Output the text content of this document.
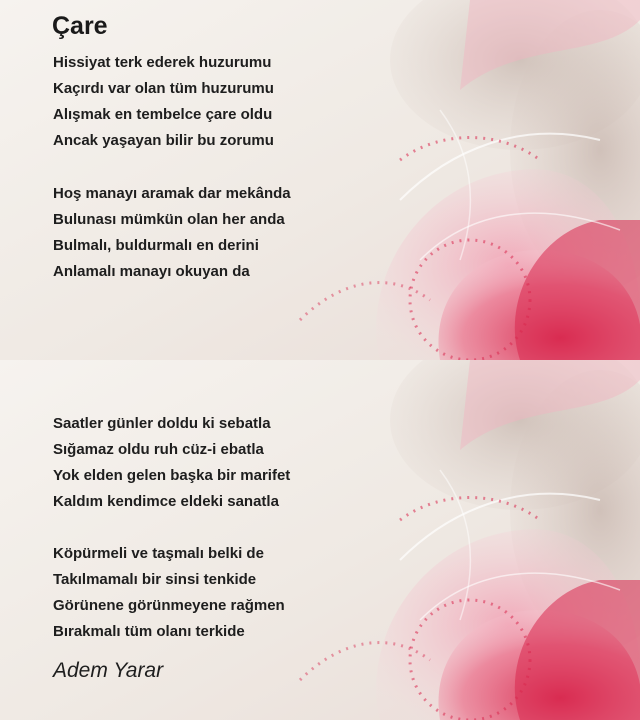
Çare
Hissiyat terk ederek huzurumu
Kaçırdı var olan tüm huzurumu
Alışmak en tembelce çare oldu
Ancak yaşayan bilir bu zorumu
Hoş manayı aramak dar mekânda
Bulunası mümkün olan her anda
Bulmalı, buldurmalı en derini
Anlamalı manayı okuyan da
Saatler günler doldu ki sebatla
Sığamaz oldu ruh cüz-i ebatla
Yok elden gelen başka bir marifet
Kaldım kendimce eldeki sanatla
Köpürmeli ve taşmalı belki de
Takılmamalı bir sinsi tenkide
Görünene görünmeyene rağmen
Bırakmalı tüm olanı terkide
Adem Yarar
